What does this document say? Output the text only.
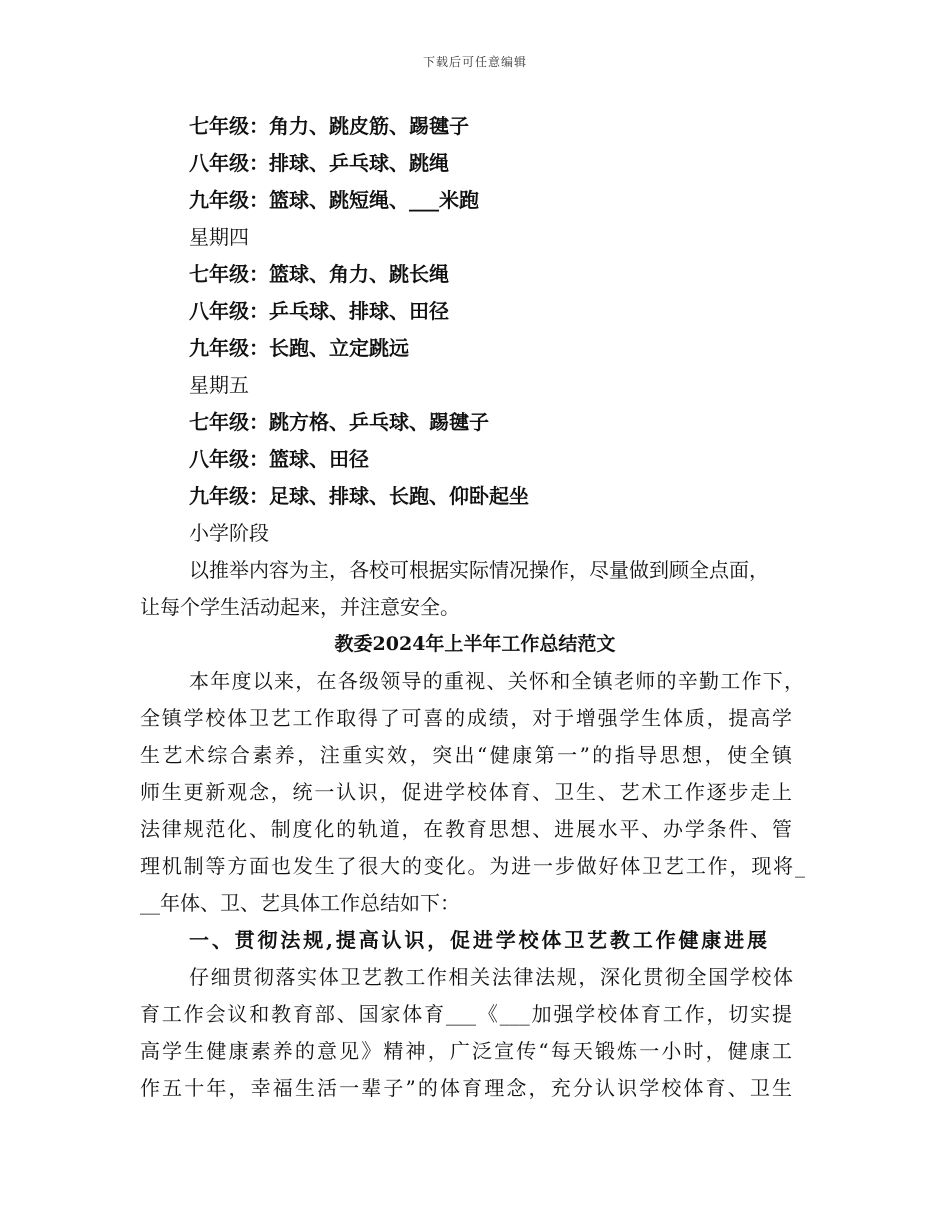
下载后可任意编辑
七年级：角力、跳皮筋、踢毽子
八年级：排球、乒乓球、跳绳
九年级：篮球、跳短绳、___米跑
星期四
七年级：篮球、角力、跳长绳
八年级：乒乓球、排球、田径
九年级：长跑、立定跳远
星期五
七年级：跳方格、乒乓球、踢毽子
八年级：篮球、田径
九年级：足球、排球、长跑、仰卧起坐
小学阶段
以推举内容为主，各校可根据实际情况操作，尽量做到顾全点面，
让每个学生活动起来，并注意安全。
教委2024年上半年工作总结范文
本年度以来，在各级领导的重视、关怀和全镇老师的辛勤工作下，
全镇学校体卫艺工作取得了可喜的成绩，对于增强学生体质，提高学
生艺术综合素养，注重实效，突出“健康第一”的指导思想，使全镇
师生更新观念，统一认识，促进学校体育、卫生、艺术工作逐步走上
法律规范化、制度化的轨道，在教育思想、进展水平、办学条件、管
理机制等方面也发生了很大的变化。为进一步做好体卫艺工作，现将_
__年体、卫、艺具体工作总结如下：
一、贯彻法规,提高认识，促进学校体卫艺教工作健康进展
仔细贯彻落实体卫艺教工作相关法律法规，深化贯彻全国学校体
育工作会议和教育部、国家体育___《___加强学校体育工作，切实提
高学生健康素养的意见》精神，广泛宣传“每天锻炼一小时，健康工
作五十年，幸福生活一辈子”的体育理念，充分认识学校体育、卫生
